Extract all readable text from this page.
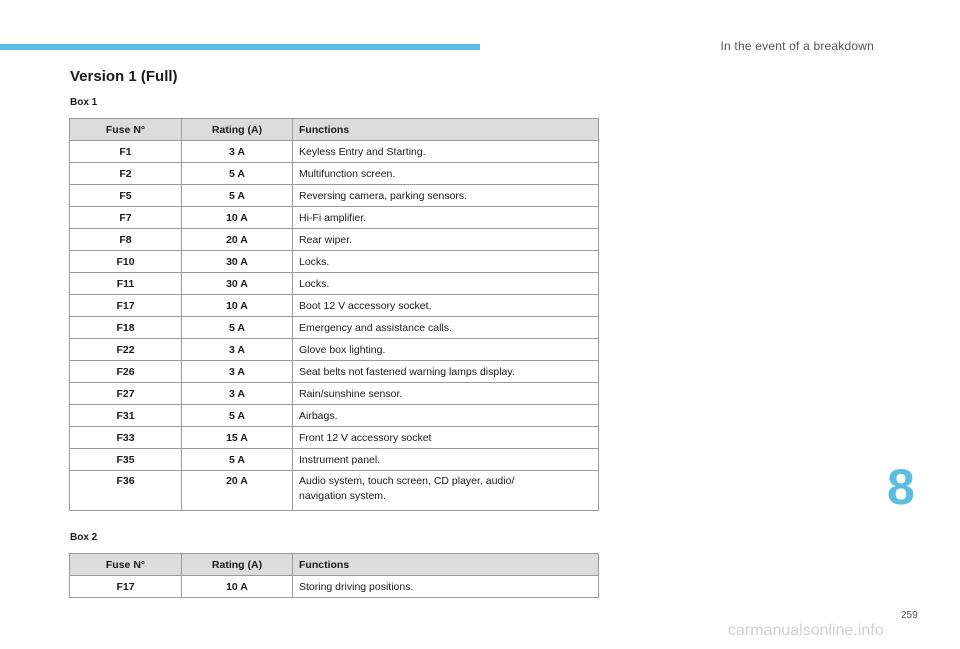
In the event of a breakdown
Version 1 (Full)
Box 1
Fuse N°	Rating (A)	Functions
F1	3 A	Keyless Entry and Starting.
F2	5 A	Multifunction screen.
F5	5 A	Reversing camera, parking sensors.
F7	10 A	Hi-Fi amplifier.
F8	20 A	Rear wiper.
F10	30 A	Locks.
F11	30 A	Locks.
F17	10 A	Boot 12 V accessory socket.
F18	5 A	Emergency and assistance calls.
F22	3 A	Glove box lighting.
F26	3 A	Seat belts not fastened warning lamps display.
F27	3 A	Rain/sunshine sensor.
F31	5 A	Airbags.
F33	15 A	Front 12 V accessory socket
F35	5 A	Instrument panel.
F36	20 A	Audio system, touch screen, CD player, audio/
navigation system.
Box 2
Fuse N°	Rating (A)	Functions
F17	10 A	Storing driving positions.
8
259
carmanualsonline.info
